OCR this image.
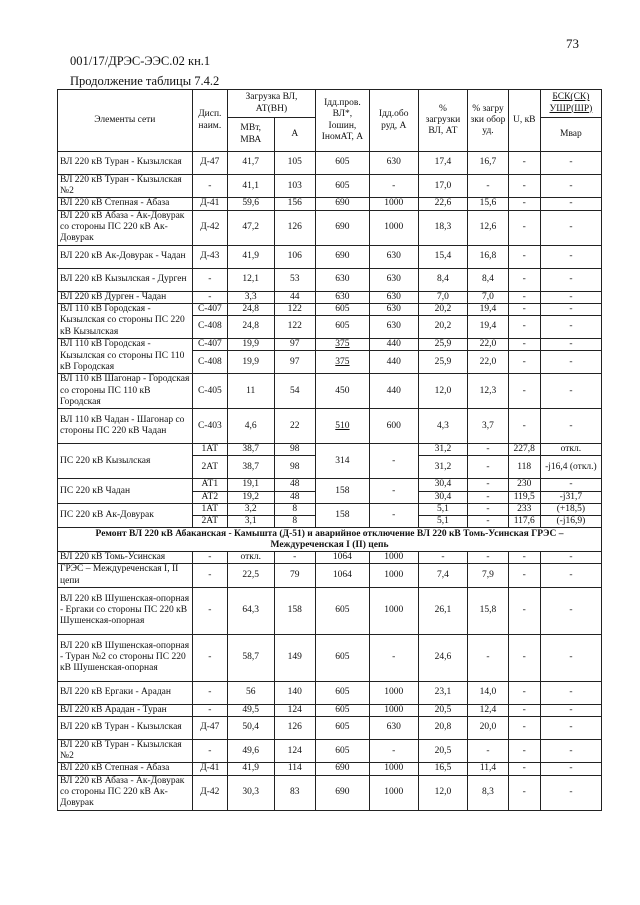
73
001/17/ДРЭС-ЭЭС.02 кн.1
Продолжение таблицы 7.4.2
Элементы сети	Дисп. наим.	Загрузка ВЛ, АТ(ВН)		Iдд.пров. ВЛ*, Iошин, IномАТ, А	Iдд.обо руд, А	% загрузки ВЛ, АТ	% загру зки обор уд.	U, кВ	БСК(СК) УШР(ШР)
		МВт, МВА	А						Мвар
ВЛ 220 кВ Туран - Кызылская	Д-47	41,7	105	605	630	17,4	16,7	-	-
ВЛ 220 кВ Туран - Кызылская №2	-	41,1	103	605	-	17,0	-	-	-
ВЛ 220 кВ Степная - Абаза	Д-41	59,6	156	690	1000	22,6	15,6	-	-
ВЛ 220 кВ Абаза - Ак-Довурак со стороны ПС 220 кВ Ак-Довурак	Д-42	47,2	126	690	1000	18,3	12,6	-	-
ВЛ 220 кВ Ак-Довурак - Чадан	Д-43	41,9	106	690	630	15,4	16,8	-	-
ВЛ 220 кВ Кызылская - Дурген	-	12,1	53	630	630	8,4	8,4	-	-
ВЛ 220 кВ Дурген - Чадан	-	3,3	44	630	630	7,0	7,0	-	-
ВЛ 110 кВ Городская - Кызылская со стороны ПС 220 кВ Кызылская	С-407	24,8	122	605	630	20,2	19,4	-	-
	С-408	24,8	122	605	630	20,2	19,4	-	-
ВЛ 110 кВ Городская - Кызылская со стороны ПС 110 кВ Городская	С-407	19,9	97	375	440	25,9	22,0	-	-
	С-408	19,9	97	375	440	25,9	22,0	-	-
ВЛ 110 кВ Шагонар - Городская со стороны ПС 110 кВ Городская	С-405	11	54	450	440	12,0	12,3	-	-
ВЛ 110 кВ Чадан - Шагонар со стороны ПС 220 кВ Чадан	С-403	4,6	22	510	600	4,3	3,7	-	-
ПС 220 кВ Кызылская	1АТ	38,7	98	314	-	31,2	-	227,8	откл.
	2АТ	38,7	98			31,2	-	118	-j16,4 (откл.)
ПС 220 кВ Чадан	АТ1	19,1	48	158	-	30,4	-	230	-
	АТ2	19,2	48			30,4	-	119,5	-j31,7
ПС 220 кВ Ак-Довурак	1АТ	3,2	8	158	-	5,1	-	233	(+18,5)
	2АТ	3,1	8			5,1	-	117,6	(-j16,9)
Ремонт ВЛ 220 кВ Абаканская - Камышта (Д-51) и аварийное отключение ВЛ 220 кВ Томь-Усинская ГРЭС – Междуреченская I (II) цепь									
ВЛ 220 кВ Томь-Усинская	-	откл.	-	1064	1000	-	-	-	-
ГРЭС – Междуреченская I, II цепи	-	22,5	79	1064	1000	7,4	7,9	-	-
ВЛ 220 кВ Шушенская-опорная - Ергаки со стороны ПС 220 кВ Шушенская-опорная	-	64,3	158	605	1000	26,1	15,8	-	-
ВЛ 220 кВ Шушенская-опорная - Туран №2 со стороны ПС 220 кВ Шушенская-опорная	-	58,7	149	605	-	24,6	-	-	-
ВЛ 220 кВ Ергаки - Арадан	-	56	140	605	1000	23,1	14,0	-	-
ВЛ 220 кВ Арадан - Туран	-	49,5	124	605	1000	20,5	12,4	-	-
ВЛ 220 кВ Туран - Кызылская	Д-47	50,4	126	605	630	20,8	20,0	-	-
ВЛ 220 кВ Туран - Кызылская №2	-	49,6	124	605	-	20,5	-	-	-
ВЛ 220 кВ Степная - Абаза	Д-41	41,9	114	690	1000	16,5	11,4	-	-
ВЛ 220 кВ Абаза - Ак-Довурак со стороны ПС 220 кВ Ак-Довурак	Д-42	30,3	83	690	1000	12,0	8,3	-	-
